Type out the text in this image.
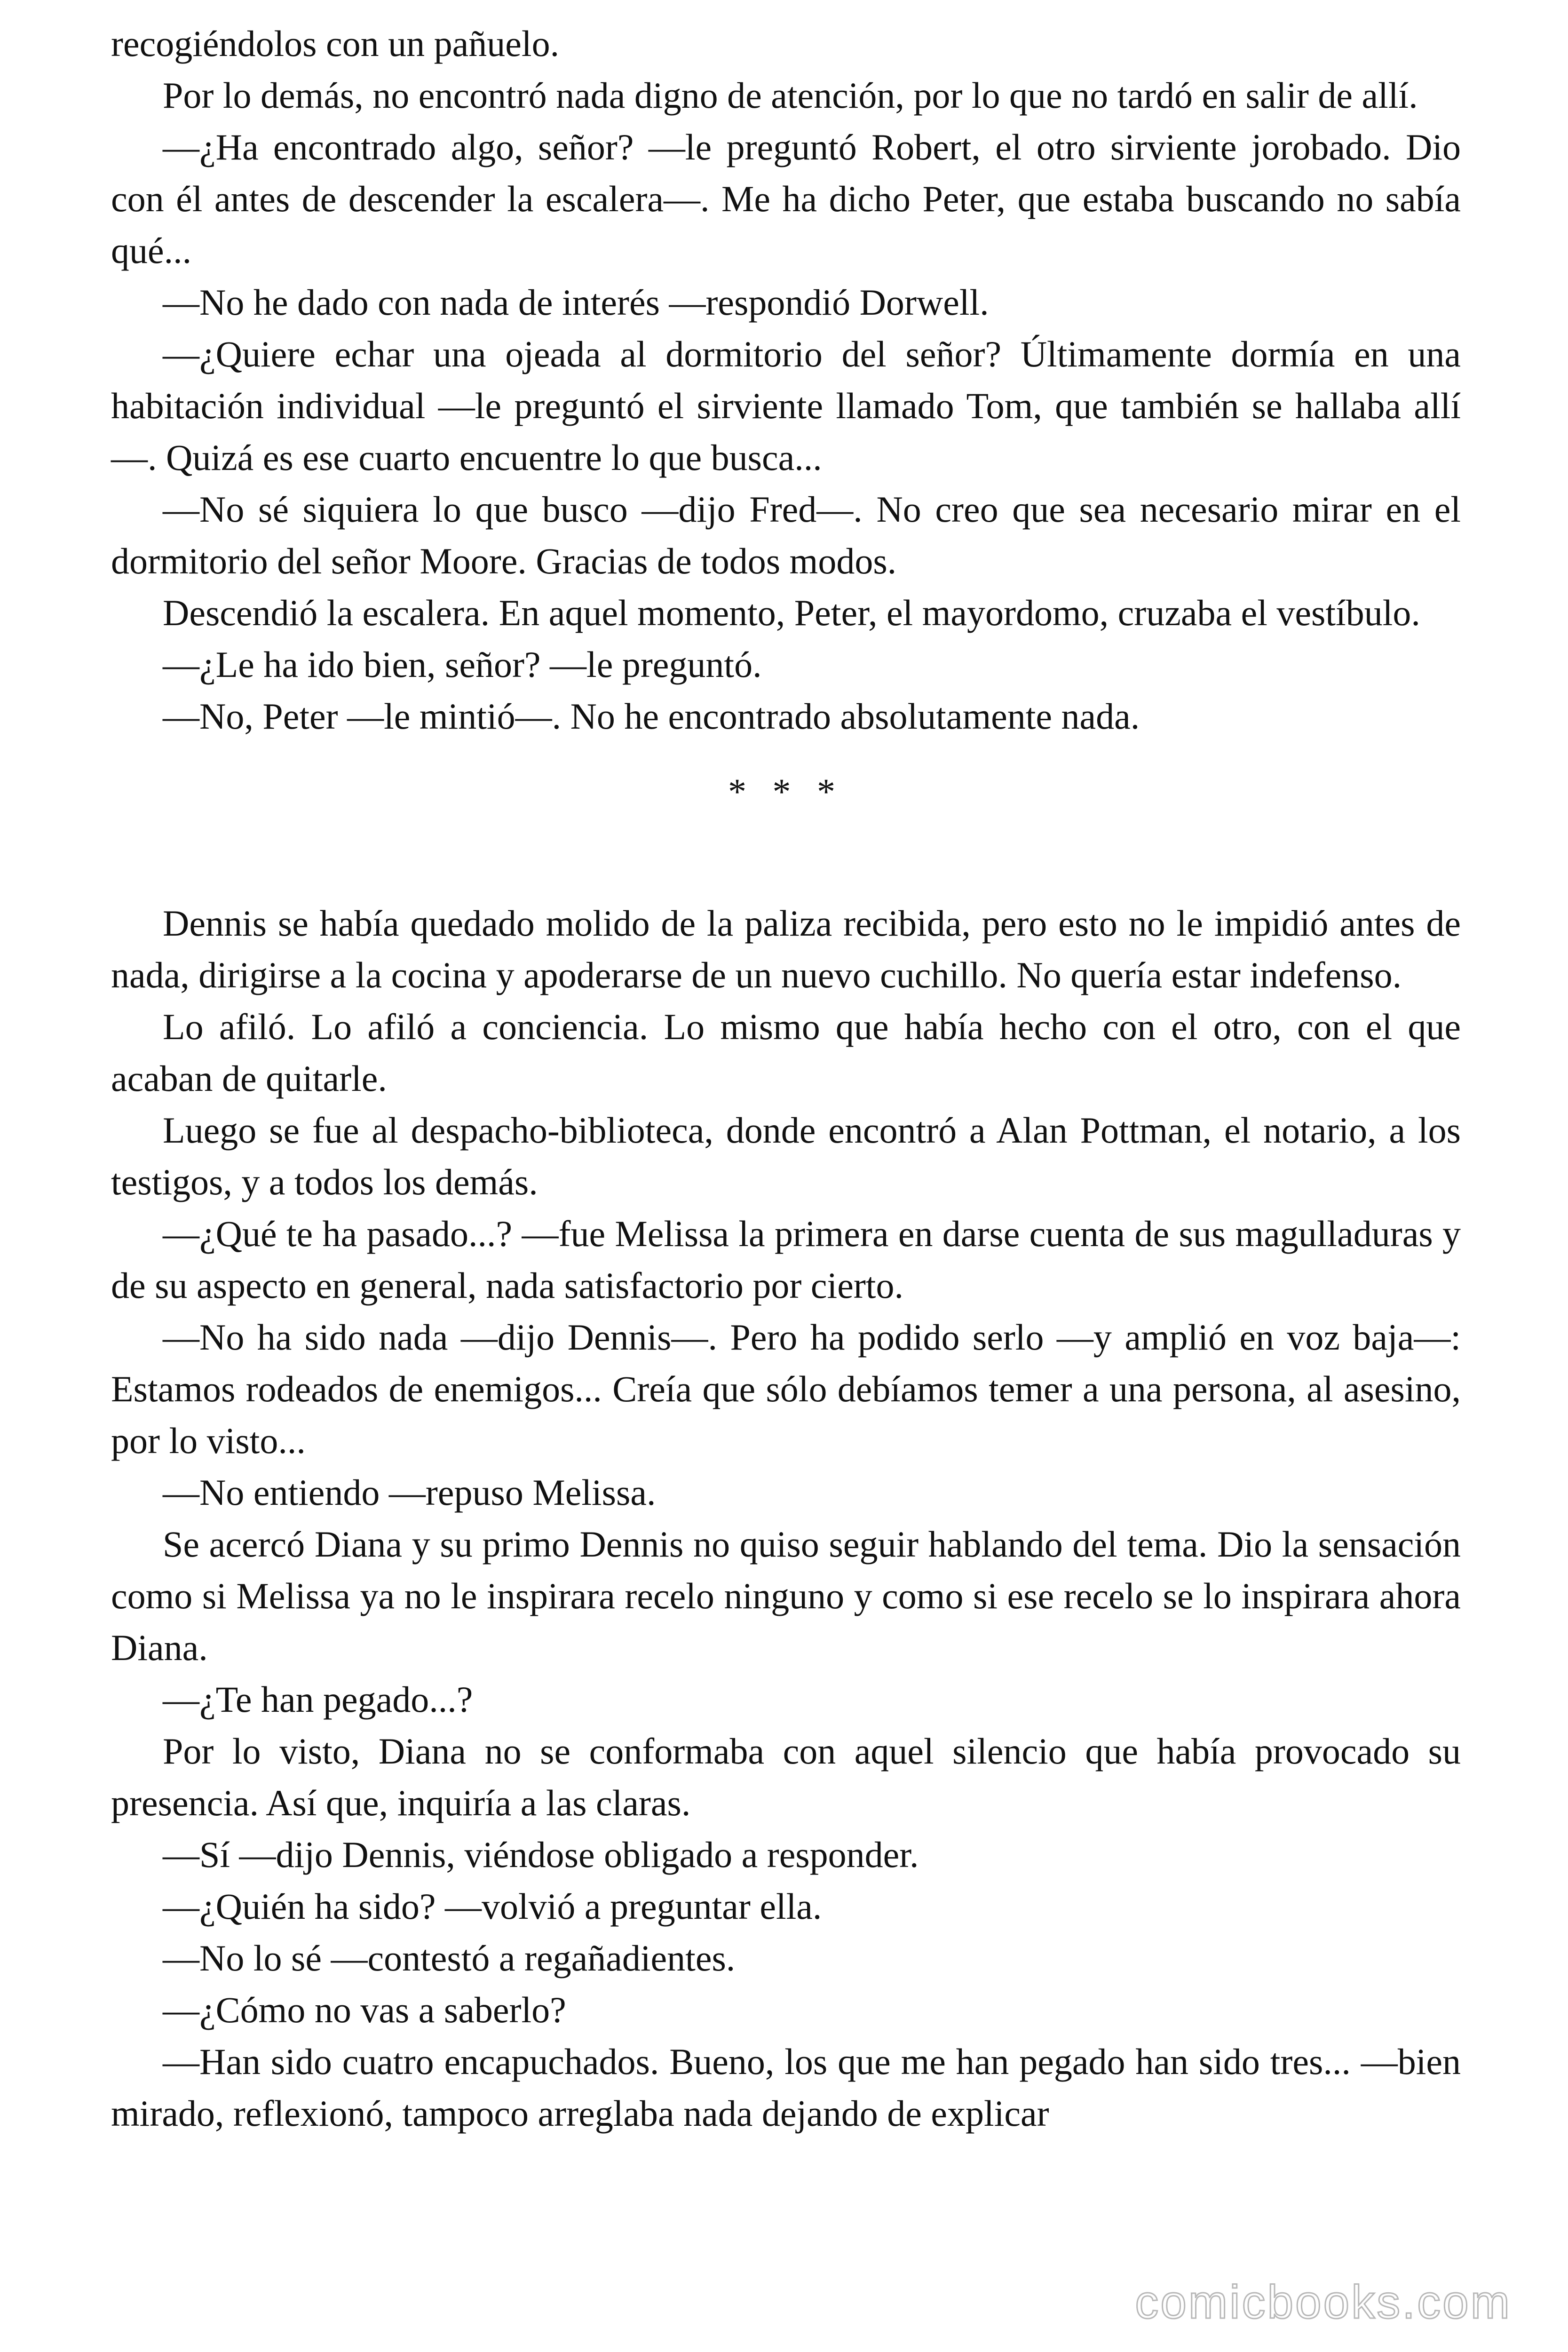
recogiéndolos con un pañuelo.

Por lo demás, no encontró nada digno de atención, por lo que no tardó en salir de allí.

—¿Ha encontrado algo, señor? —le preguntó Robert, el otro sirviente jorobado. Dio con él antes de descender la escalera—. Me ha dicho Peter, que estaba buscando no sabía qué...

—No he dado con nada de interés —respondió Dorwell.

—¿Quiere echar una ojeada al dormitorio del señor? Últimamente dormía en una habitación individual —le preguntó el sirviente llamado Tom, que también se hallaba allí—. Quizá es ese cuarto encuentre lo que busca...

—No sé siquiera lo que busco —dijo Fred—. No creo que sea necesario mirar en el dormitorio del señor Moore. Gracias de todos modos.

Descendió la escalera. En aquel momento, Peter, el mayordomo, cruzaba el vestíbulo.

—¿Le ha ido bien, señor? —le preguntó.

—No, Peter —le mintió—. No he encontrado absolutamente nada.

* * *

Dennis se había quedado molido de la paliza recibida, pero esto no le impidió antes de nada, dirigirse a la cocina y apoderarse de un nuevo cuchillo. No quería estar indefenso.

Lo afiló. Lo afiló a conciencia. Lo mismo que había hecho con el otro, con el que acaban de quitarle.

Luego se fue al despacho-biblioteca, donde encontró a Alan Pottman, el notario, a los testigos, y a todos los demás.

—¿Qué te ha pasado...? —fue Melissa la primera en darse cuenta de sus magulladuras y de su aspecto en general, nada satisfactorio por cierto.

—No ha sido nada —dijo Dennis—. Pero ha podido serlo —y amplió en voz baja—: Estamos rodeados de enemigos... Creía que sólo debíamos temer a una persona, al asesino, por lo visto...

—No entiendo —repuso Melissa.

Se acercó Diana y su primo Dennis no quiso seguir hablando del tema. Dio la sensación como si Melissa ya no le inspirara recelo ninguno y como si ese recelo se lo inspirara ahora Diana.

—¿Te han pegado...?

Por lo visto, Diana no se conformaba con aquel silencio que había provocado su presencia. Así que, inquiría a las claras.

—Sí —dijo Dennis, viéndose obligado a responder.

—¿Quién ha sido? —volvió a preguntar ella.

—No lo sé —contestó a regañadientes.

—¿Cómo no vas a saberlo?

—Han sido cuatro encapuchados. Bueno, los que me han pegado han sido tres... —bien mirado, reflexionó, tampoco arreglaba nada dejando de explicar

comicbooks.com
